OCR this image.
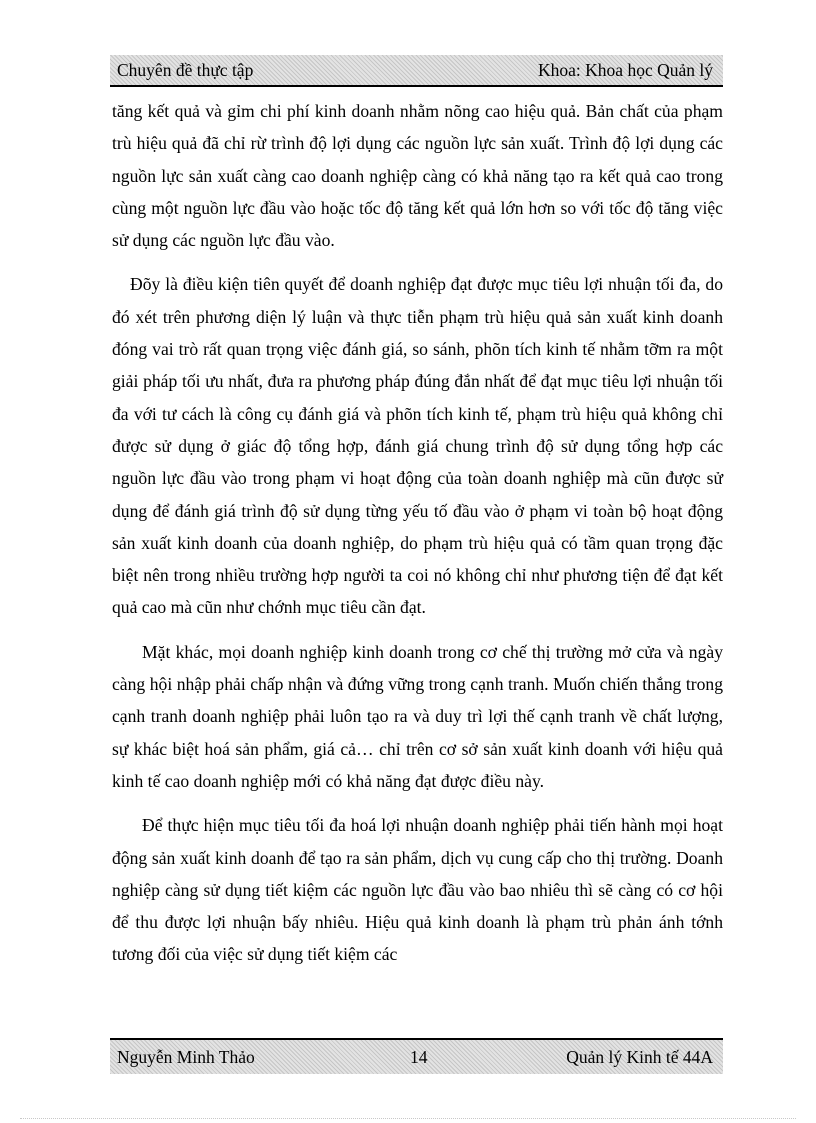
Chuyên đề thực tập	Khoa: Khoa học Quản lý

tăng kết quả và gỉm chi phí kinh doanh nhằm nõng cao hiệu quả. Bản chất của phạm trù hiệu quả đã chỉ rừ trình độ lợi dụng các nguồn lực sản xuất. Trình độ lợi dụng các nguồn lực sản xuất càng cao doanh nghiệp càng có khả năng tạo ra kết quả cao trong cùng một nguồn lực đầu vào hoặc tốc độ tăng kết quả lớn hơn so với tốc độ tăng việc sử dụng các nguồn lực đầu vào.

Đõy là điều kiện tiên quyết để doanh nghiệp đạt được mục tiêu lợi nhuận tối đa, do đó xét trên phương diện lý luận và thực tiễn phạm trù hiệu quả sản xuất kinh doanh đóng vai trò rất quan trọng việc đánh giá, so sánh, phõn tích kinh tế nhằm tỡm ra một giải pháp tối ưu nhất, đưa ra phương pháp đúng đắn nhất để đạt mục tiêu lợi nhuận tối đa với tư cách là công cụ đánh giá và phõn tích kinh tế, phạm trù hiệu quả không chỉ được sử dụng ở giác độ tổng hợp, đánh giá chung trình độ sử dụng tổng hợp các nguồn lực đầu vào trong phạm vi hoạt động của toàn doanh nghiệp mà cũn được sử dụng để đánh giá trình độ sử dụng từng yếu tố đầu vào ở phạm vi toàn bộ hoạt động sản xuất kinh doanh của doanh nghiệp, do phạm trù hiệu quả có tầm quan trọng đặc biệt nên trong nhiều trường hợp người ta coi nó không chỉ như phương tiện để đạt kết quả cao mà cũn như chớnh mục tiêu cần đạt.

Mặt khác, mọi doanh nghiệp kinh doanh trong cơ chế thị trường mở cửa và ngày càng hội nhập phải chấp nhận và đứng vững trong cạnh tranh. Muốn chiến thắng trong cạnh tranh doanh nghiệp phải luôn tạo ra và duy trì lợi thế cạnh tranh về chất lượng, sự khác biệt hoá sản phẩm, giá cả… chỉ trên cơ sở sản xuất kinh doanh với hiệu quả kinh tế cao doanh nghiệp mới có khả năng đạt được điều này.

Để thực hiện mục tiêu tối đa hoá lợi nhuận doanh nghiệp phải tiến hành mọi hoạt động sản xuất kinh doanh để tạo ra sản phẩm, dịch vụ cung cấp cho thị trường. Doanh nghiệp càng sử dụng tiết kiệm các nguồn lực đầu vào bao nhiêu thì sẽ càng có cơ hội để thu được lợi nhuận bấy nhiêu. Hiệu quả kinh doanh là phạm trù phản ánh tớnh tương đối của việc sử dụng tiết kiệm các

Nguyễn Minh Thảo	14	Quản lý Kinh tế 44A
